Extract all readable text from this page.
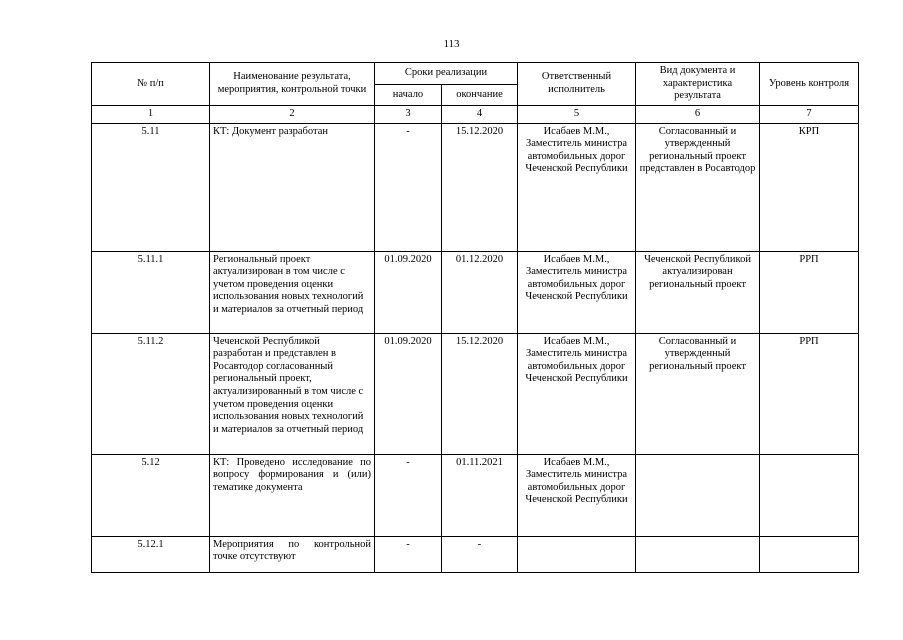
113
№ п/п	Наименование результата, мероприятия, контрольной точки	Сроки реализации		Ответственный исполнитель	Вид документа и характеристика результата	Уровень контроля
		начало	окончание			
1	2	3	4	5	6	7
5.11	КТ: Документ разработан	-	15.12.2020	Исабаев М.М., Заместитель министра автомобильных дорог Чеченской Республики	Согласованный и утвержденный региональный проект представлен в Росавтодор	КРП
5.11.1	Региональный проект актуализирован в том числе с учетом проведения оценки использования новых технологий и материалов за отчетный период	01.09.2020	01.12.2020	Исабаев М.М., Заместитель министра автомобильных дорог Чеченской Республики	Чеченской Республикой актуализирован региональный проект	РРП
5.11.2	Чеченской Республикой разработан и представлен в Росавтодор согласованный региональный проект, актуализированный в том числе с учетом проведения оценки использования новых технологий и материалов за отчетный период	01.09.2020	15.12.2020	Исабаев М.М., Заместитель министра автомобильных дорог Чеченской Республики	Согласованный и утвержденный региональный проект	РРП
5.12	КТ: Проведено исследование по вопросу формирования и (или) тематике документа	-	01.11.2021	Исабаев М.М., Заместитель министра автомобильных дорог Чеченской Республики		
5.12.1	Мероприятия по контрольной точке отсутствуют	-	-			
